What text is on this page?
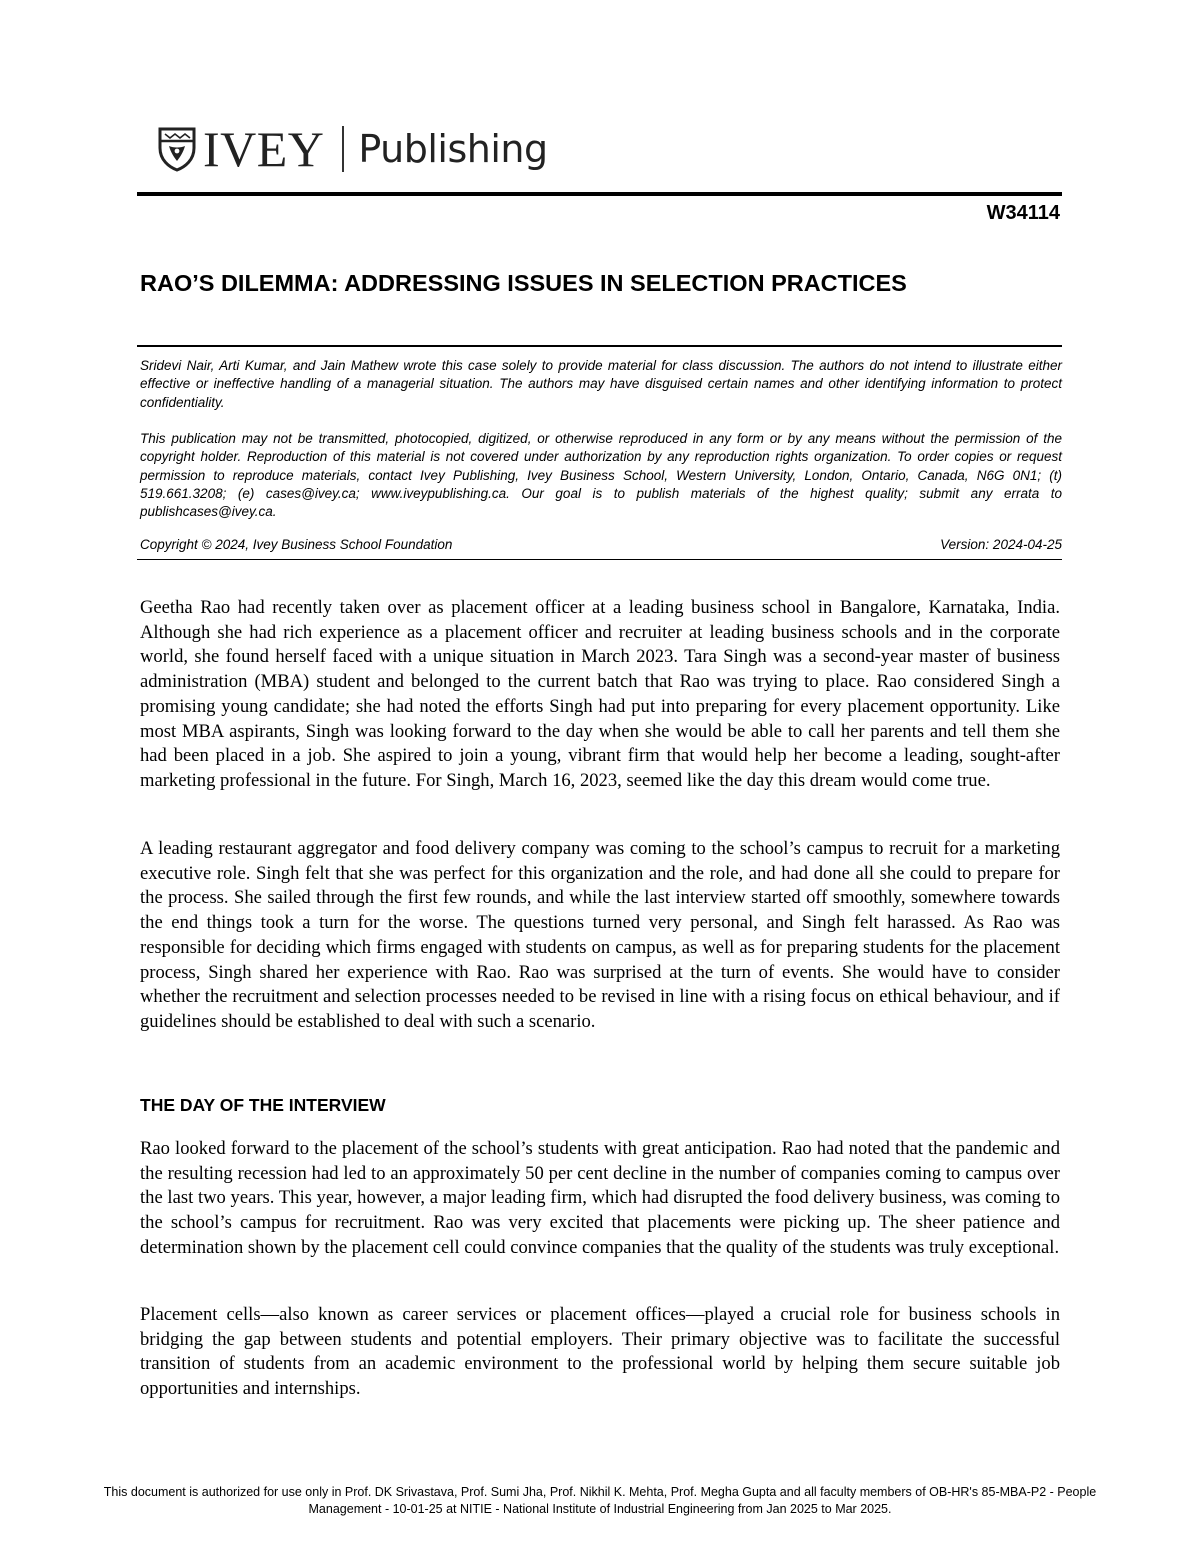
IVEY Publishing
W34114
RAO’S DILEMMA: ADDRESSING ISSUES IN SELECTION PRACTICES

Sridevi Nair, Arti Kumar, and Jain Mathew wrote this case solely to provide material for class discussion. The authors do not intend to illustrate either effective or ineffective handling of a managerial situation. The authors may have disguised certain names and other identifying information to protect confidentiality.

This publication may not be transmitted, photocopied, digitized, or otherwise reproduced in any form or by any means without the permission of the copyright holder. Reproduction of this material is not covered under authorization by any reproduction rights organization. To order copies or request permission to reproduce materials, contact Ivey Publishing, Ivey Business School, Western University, London, Ontario, Canada, N6G 0N1; (t) 519.661.3208; (e) cases@ivey.ca; www.iveypublishing.ca. Our goal is to publish materials of the highest quality; submit any errata to publishcases@ivey.ca.

Copyright © 2024, Ivey Business School Foundation	Version: 2024-04-25

Geetha Rao had recently taken over as placement officer at a leading business school in Bangalore, Karnataka, India. Although she had rich experience as a placement officer and recruiter at leading business schools and in the corporate world, she found herself faced with a unique situation in March 2023. Tara Singh was a second-year master of business administration (MBA) student and belonged to the current batch that Rao was trying to place. Rao considered Singh a promising young candidate; she had noted the efforts Singh had put into preparing for every placement opportunity. Like most MBA aspirants, Singh was looking forward to the day when she would be able to call her parents and tell them she had been placed in a job. She aspired to join a young, vibrant firm that would help her become a leading, sought-after marketing professional in the future. For Singh, March 16, 2023, seemed like the day this dream would come true.

A leading restaurant aggregator and food delivery company was coming to the school’s campus to recruit for a marketing executive role. Singh felt that she was perfect for this organization and the role, and had done all she could to prepare for the process. She sailed through the first few rounds, and while the last interview started off smoothly, somewhere towards the end things took a turn for the worse. The questions turned very personal, and Singh felt harassed. As Rao was responsible for deciding which firms engaged with students on campus, as well as for preparing students for the placement process, Singh shared her experience with Rao. Rao was surprised at the turn of events. She would have to consider whether the recruitment and selection processes needed to be revised in line with a rising focus on ethical behaviour, and if guidelines should be established to deal with such a scenario.

THE DAY OF THE INTERVIEW

Rao looked forward to the placement of the school’s students with great anticipation. Rao had noted that the pandemic and the resulting recession had led to an approximately 50 per cent decline in the number of companies coming to campus over the last two years. This year, however, a major leading firm, which had disrupted the food delivery business, was coming to the school’s campus for recruitment. Rao was very excited that placements were picking up. The sheer patience and determination shown by the placement cell could convince companies that the quality of the students was truly exceptional.

Placement cells—also known as career services or placement offices—played a crucial role for business schools in bridging the gap between students and potential employers. Their primary objective was to facilitate the successful transition of students from an academic environment to the professional world by helping them secure suitable job opportunities and internships.

This document is authorized for use only in Prof. DK Srivastava, Prof. Sumi Jha, Prof. Nikhil K. Mehta, Prof. Megha Gupta and all faculty members of OB-HR's 85-MBA-P2 - People
Management - 10-01-25 at NITIE - National Institute of Industrial Engineering from Jan 2025 to Mar 2025.
